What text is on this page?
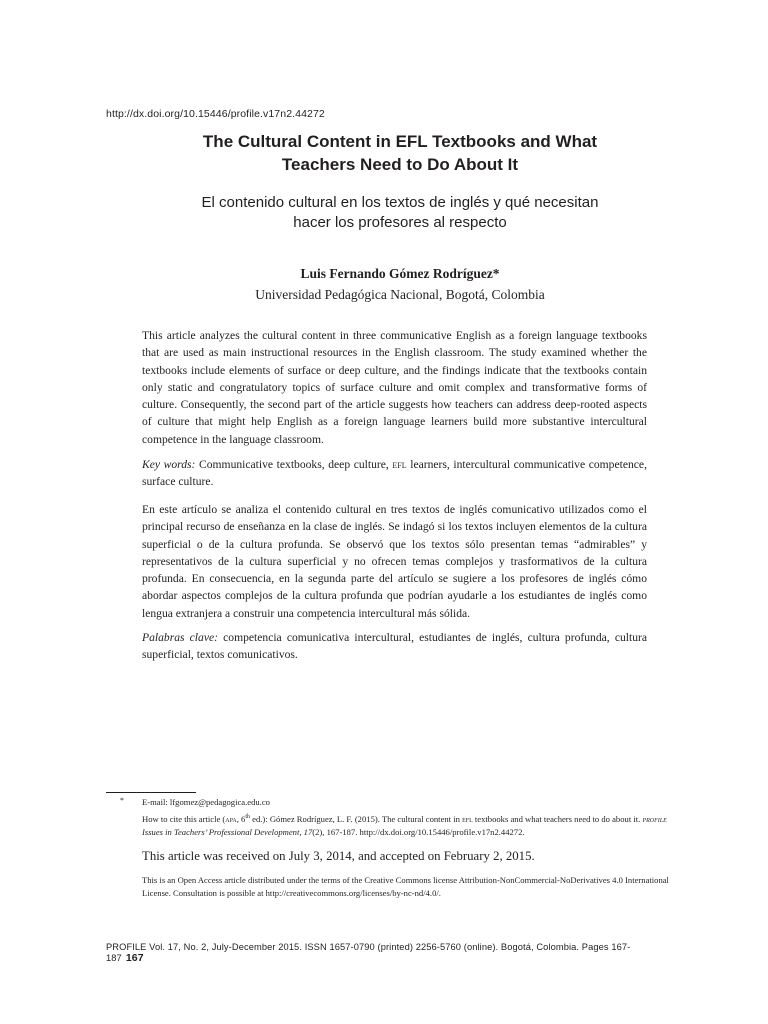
http://dx.doi.org/10.15446/profile.v17n2.44272
The Cultural Content in EFL Textbooks and What
Teachers Need to Do About It
El contenido cultural en los textos de inglés y qué necesitan
hacer los profesores al respecto
Luis Fernando Gómez Rodríguez*
Universidad Pedagógica Nacional, Bogotá, Colombia
This article analyzes the cultural content in three communicative English as a foreign language textbooks that are used as main instructional resources in the English classroom. The study examined whether the textbooks include elements of surface or deep culture, and the findings indicate that the textbooks contain only static and congratulatory topics of surface culture and omit complex and transformative forms of culture. Consequently, the second part of the article suggests how teachers can address deep-rooted aspects of culture that might help English as a foreign language learners build more substantive intercultural competence in the language classroom.
Key words: Communicative textbooks, deep culture, efl learners, intercultural communicative competence, surface culture.
En este artículo se analiza el contenido cultural en tres textos de inglés comunicativo utilizados como el principal recurso de enseñanza en la clase de inglés. Se indagó si los textos incluyen elementos de la cultura superficial o de la cultura profunda. Se observó que los textos sólo presentan temas “admirables” y representativos de la cultura superficial y no ofrecen temas complejos y trasformativos de la cultura profunda. En consecuencia, en la segunda parte del artículo se sugiere a los profesores de inglés cómo abordar aspectos complejos de la cultura profunda que podrían ayudarle a los estudiantes de inglés como lengua extranjera a construir una competencia intercultural más sólida.
Palabras clave: competencia comunicativa intercultural, estudiantes de inglés, cultura profunda, cultura superficial, textos comunicativos.
* E-mail: lfgomez@pedagogica.edu.co
How to cite this article (apa, 6th ed.): Gómez Rodríguez, L. F. (2015). The cultural content in efl textbooks and what teachers need to do about it. profile Issues in Teachers’ Professional Development, 17(2), 167-187. http://dx.doi.org/10.15446/profile.v17n2.44272.
This article was received on July 3, 2014, and accepted on February 2, 2015.
This is an Open Access article distributed under the terms of the Creative Commons license Attribution-NonCommercial-NoDerivatives 4.0 International License. Consultation is possible at http://creativecommons.org/licenses/by-nc-nd/4.0/.
PROFILE Vol. 17, No. 2, July-December 2015. ISSN 1657-0790 (printed) 2256-5760 (online). Bogotá, Colombia. Pages 167-187 167
